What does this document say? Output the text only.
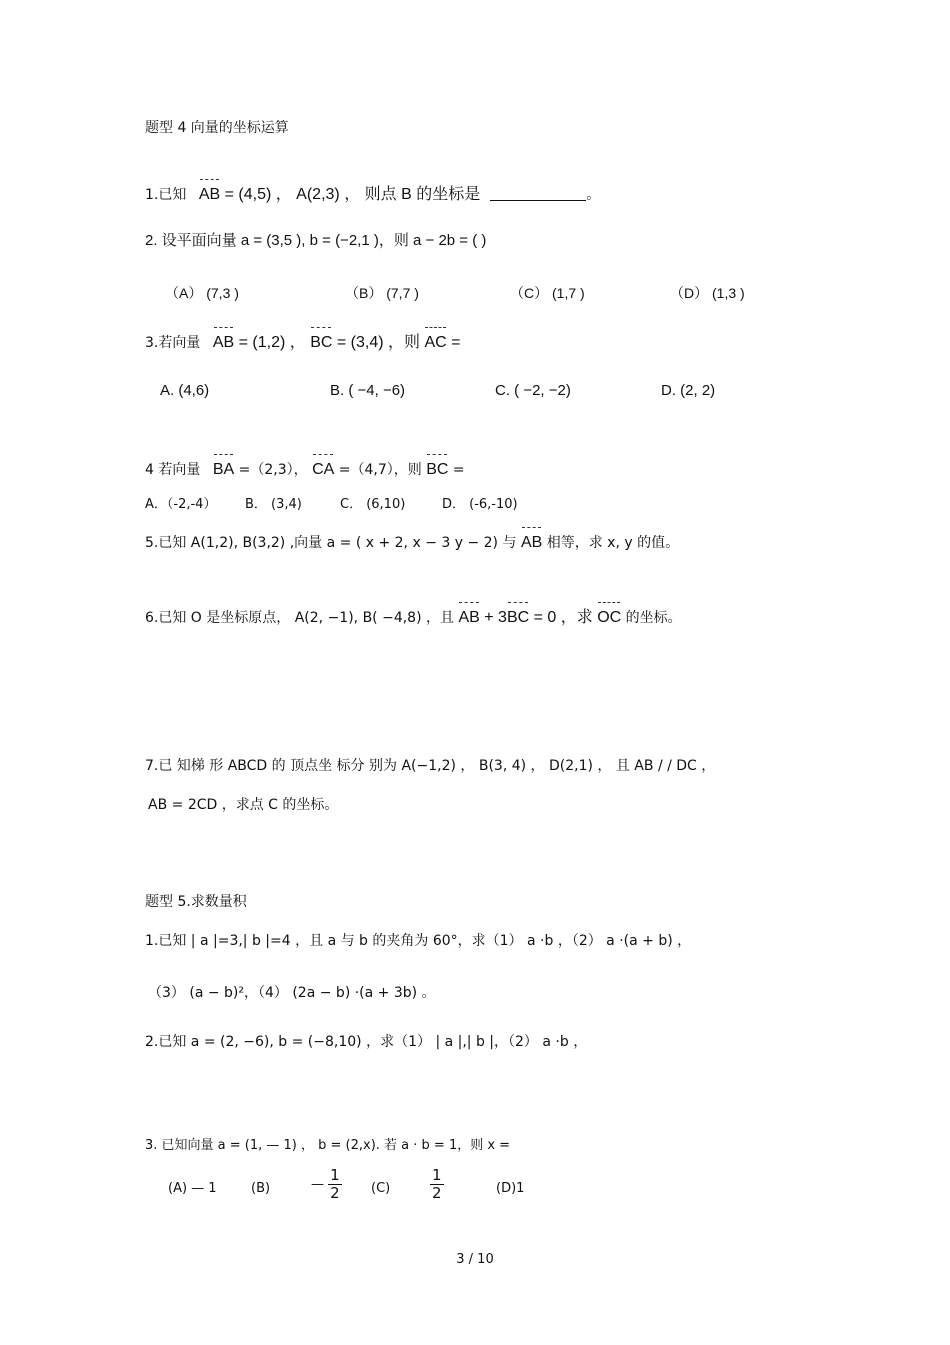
题型 4 向量的坐标运算
1.已知 AB = (4,5) ， A(2,3) ， 则点 B 的坐标是	。
2. 设平面向量 a = (3,5 ), b = (−2,1 )，则 a − 2b = ( )
（A） (7,3 )	（B） (7,7 )	（C） (1,7 )	（D） (1,3 )
3.若向量 AB = (1,2) ， BC = (3,4) ，则 AC =
A. (4,6)	B. ( −4, −6)	C. ( −2, −2)	D. (2, 2)
4 若向量 BA =（2,3）， CA =（4,7），则 BC =
A．（-2,-4） B． (3,4)	C． (6,10)	D． (-6,-10)
5.已知 A(1,2), B(3,2) ,向量 a = ( x + 2, x − 3 y − 2) 与 AB 相等，求 x, y 的值。
6.已知 O 是坐标原点， A(2, −1), B( −4,8) ，且 AB + 3BC = 0 ，求 OC 的坐标。
7.已 知梯 形 ABCD 的 顶点坐 标分 别为 A(−1,2) ， B(3, 4) ， D(2,1) ， 且 AB / / DC ，
AB = 2CD ，求点 C 的坐标。
题型 5.求数量积
1.已知 | a |=3,| b |=4 ，且 a 与 b 的夹角为 60°，求（1） a ·b ，（2） a ·(a + b) ，
（3） (a − b)²，（4） (2a − b) ·(a + 3b) 。
2.已知 a = (2, −6), b = (−8,10) ，求（1） | a |,| b |，（2） a ·b ，
3. 已知向量 a = (1, — 1) ， b = (2,x). 若 a · b = 1，则 x =
(A) — 1	(B)	— $\frac{1}{2} (C)$	$\frac{1}{2}$	(D)1
3 / 10
